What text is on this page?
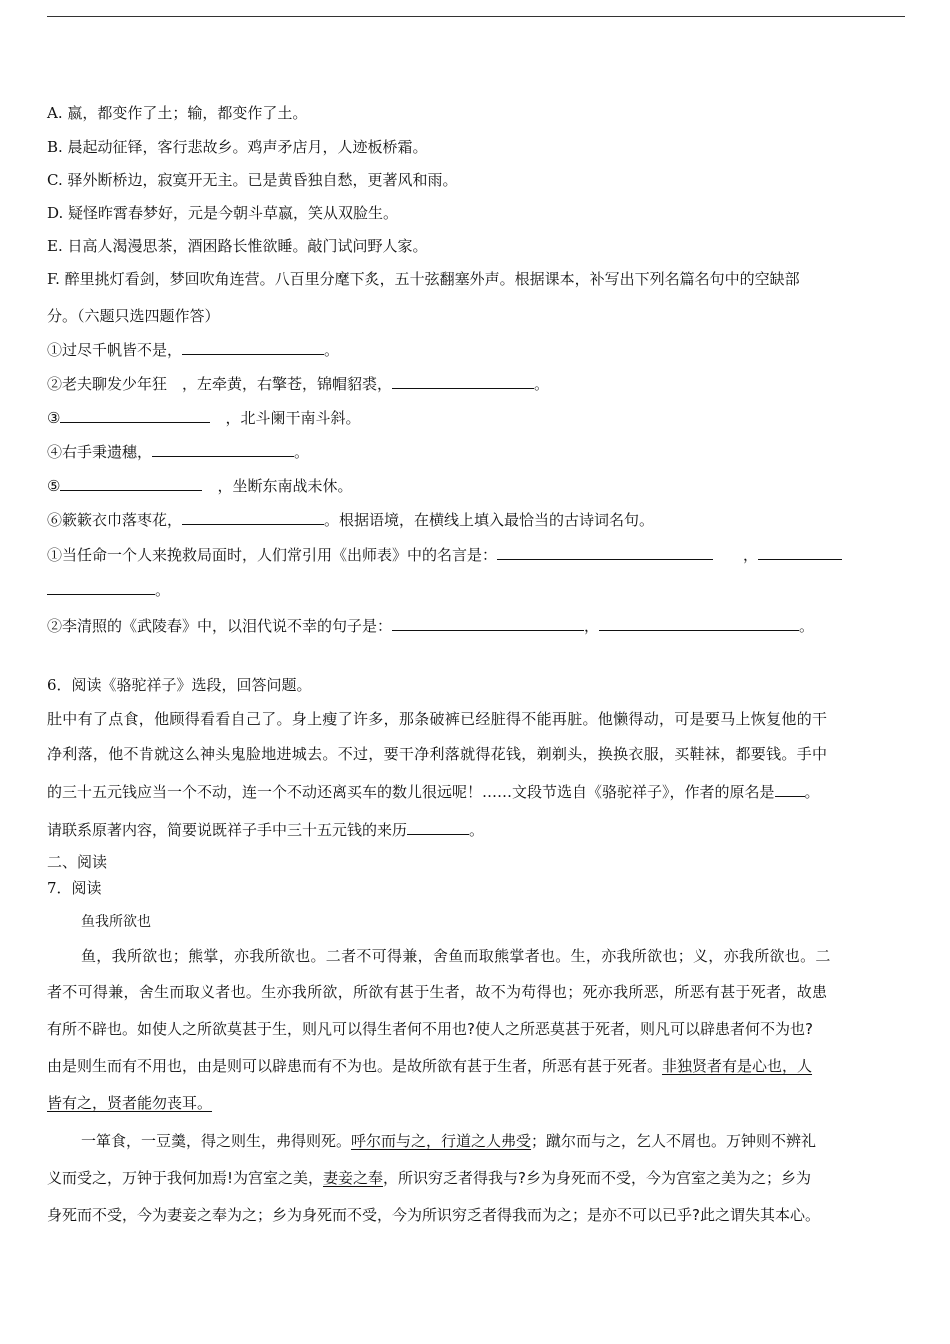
A. 嬴，都变作了土；输，都变作了土。
B. 晨起动征铎，客行悲故乡。鸡声矛店月，人迹板桥霜。
C. 驿外断桥边，寂寞开无主。已是黄昏独自愁，更著风和雨。
D. 疑怪昨霄春梦好，元是今朝斗草嬴，笑从双脸生。
E. 日高人渴漫思茶，酒困路长惟欲睡。敲门试问野人家。
F. 醉里挑灯看剑，梦回吹角连营。八百里分麾下炙，五十弦翻塞外声。根据课本，补写出下列名篇名句中的空缺部
分。（六题只选四题作答）
①过尽千帆皆不是，	。
②老夫聊发少年狂　，左牵黄，右擎苍，锦帽貂裘，	。
③	　，北斗阑干南斗斜。
④右手秉遗穗，	。
⑤	　，坐断东南战未休。
⑥簌簌衣巾落枣花，	。根据语境，在横线上填入最恰当的古诗词名句。
①当任命一个人来挽救局面时，人们常引用《出师表》中的名言是：	　　，
。
②李清照的《武陵春》中，以泪代说不幸的句子是：	，	。
6．阅读《骆驼祥子》选段，回答问题。
肚中有了点食，他顾得看看自己了。身上瘦了许多，那条破裤已经脏得不能再脏。他懒得动，可是要马上恢复他的干
净利落，他不肯就这么神头鬼脸地进城去。不过，要干净利落就得花钱，剃剃头，换换衣服，买鞋袜，都要钱。手中
的三十五元钱应当一个不动，连一个不动还离买车的数儿很远呢！……文段节选自《骆驼祥子》，作者的原名是 。
请联系原著内容，简要说既祥子手中三十五元钱的来历	。
二、阅读
7．阅读
鱼我所欲也
鱼，我所欲也；熊掌，亦我所欲也。二者不可得兼，舍鱼而取熊掌者也。生，亦我所欲也；义，亦我所欲也。二
者不可得兼，舍生而取义者也。生亦我所欲，所欲有甚于生者，故不为苟得也；死亦我所恶，所恶有甚于死者，故患
有所不辟也。如使人之所欲莫甚于生，则凡可以得生者何不用也?使人之所恶莫甚于死者，则凡可以辟患者何不为也?
由是则生而有不用也，由是则可以辟患而有不为也。是故所欲有甚于生者，所恶有甚于死者。非独贤者有是心也，人
皆有之，贤者能勿丧耳。
一箪食，一豆羹，得之则生，弗得则死。呼尔而与之，行道之人弗受；蹴尔而与之，乞人不屑也。万钟则不辨礼
义而受之，万钟于我何加焉!为宫室之美，妻妾之奉，所识穷乏者得我与?乡为身死而不受，今为宫室之美为之；乡为
身死而不受，今为妻妾之奉为之；乡为身死而不受，今为所识穷乏者得我而为之；是亦不可以已乎?此之谓失其本心。
